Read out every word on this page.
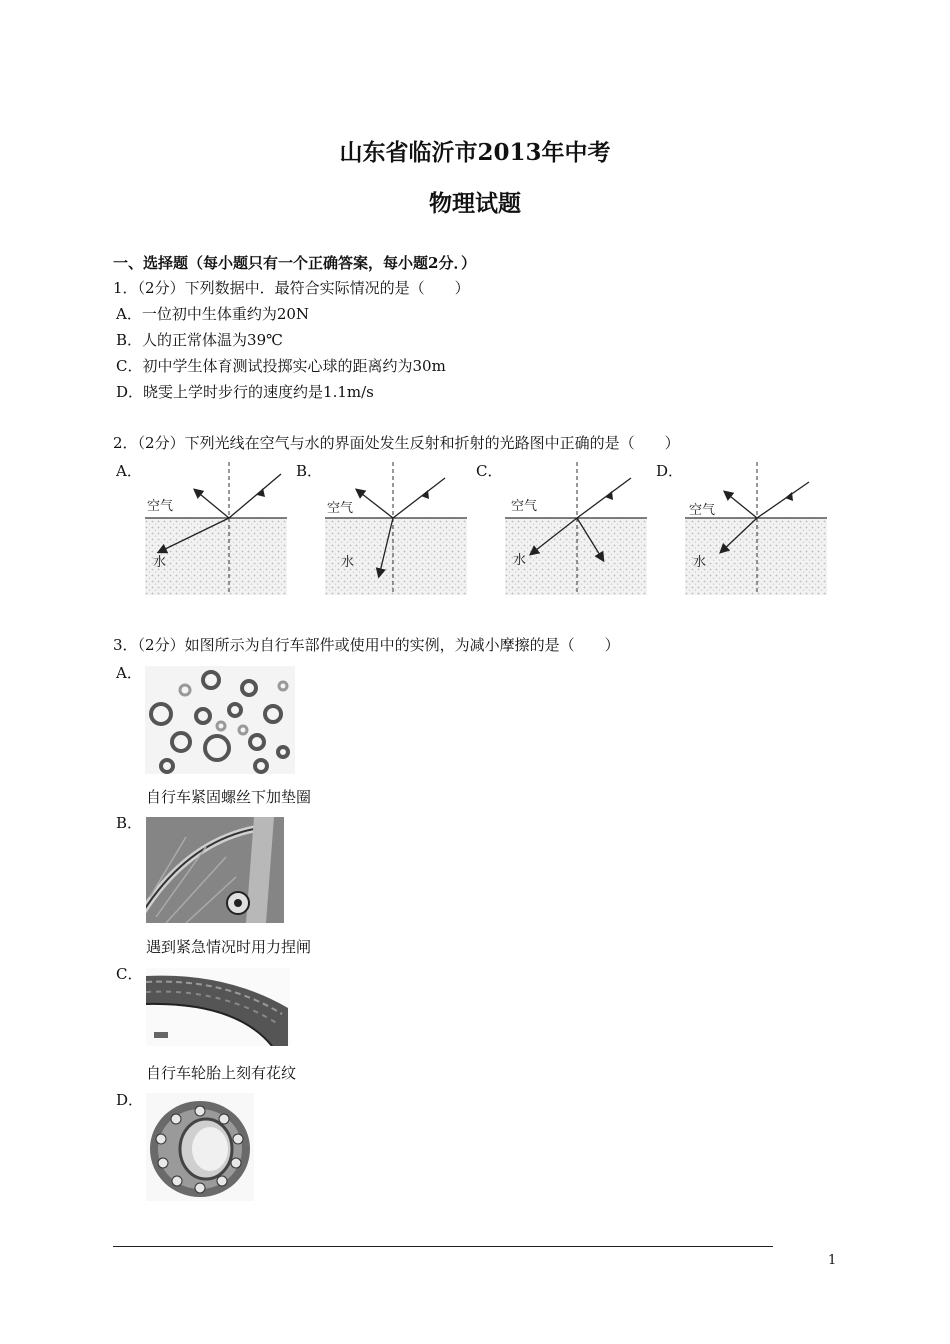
山东省临沂市2013年中考
物理试题
一、选择题（每小题只有一个正确答案，每小题2分．）
1．（2分）下列数据中．最符合实际情况的是（　　）
A．一位初中生体重约为20N
B．人的正常体温为39℃
C．初中学生体育测试投掷实心球的距离约为30m
D．晓雯上学时步行的速度约是1.1m/s
2．（2分）下列光线在空气与水的界面处发生反射和折射的光路图中正确的是（　　）
A．	B．	C．	D．
空气
水
空气
水
空气
水
空气
水
3．（2分）如图所示为自行车部件或使用中的实例，为减小摩擦的是（　　）
A．
自行车紧固螺丝下加垫圈
B．
遇到紧急情况时用力捏闸
C．
自行车轮胎上刻有花纹
D．
1
